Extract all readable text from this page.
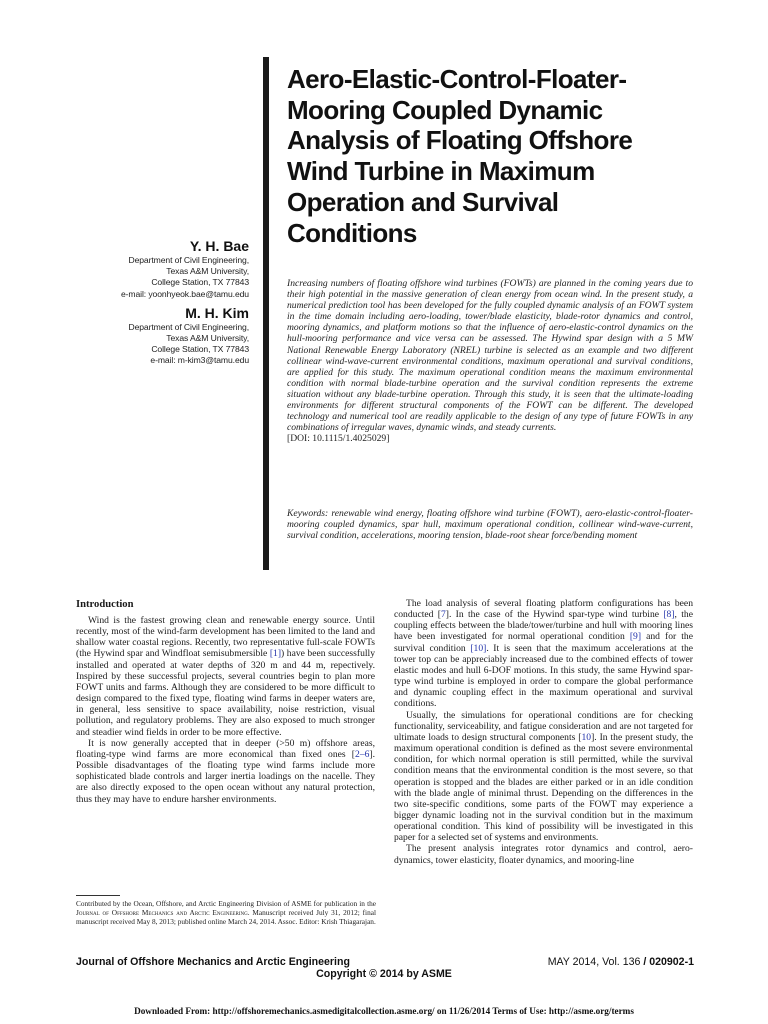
Aero-Elastic-Control-Floater-
Mooring Coupled Dynamic
Analysis of Floating Offshore
Wind Turbine in Maximum
Operation and Survival
Conditions
Y. H. Bae
Department of Civil Engineering,
Texas A&M University,
College Station, TX 77843
e-mail: yoonhyeok.bae@tamu.edu
M. H. Kim
Department of Civil Engineering,
Texas A&M University,
College Station, TX 77843
e-mail: m-kim3@tamu.edu
Increasing numbers of floating offshore wind turbines (FOWTs) are planned in the coming years due to their high potential in the massive generation of clean energy from ocean wind. In the present study, a numerical prediction tool has been developed for the fully coupled dynamic analysis of an FOWT system in the time domain including aero-loading, tower/blade elasticity, blade-rotor dynamics and control, mooring dynamics, and platform motions so that the influence of aero-elastic-control dynamics on the hull-mooring performance and vice versa can be assessed. The Hywind spar design with a 5 MW National Renewable Energy Laboratory (NREL) turbine is selected as an example and two different collinear wind-wave-current environmental conditions, maximum operational and survival conditions, are applied for this study. The maximum operational condition means the maximum environmental condition with normal blade-turbine operation and the survival condition represents the extreme situation without any blade-turbine operation. Through this study, it is seen that the ultimate-loading environments for different structural components of the FOWT can be different. The developed technology and numerical tool are readily applicable to the design of any type of future FOWTs in any combinations of irregular waves, dynamic winds, and steady currents.
[DOI: 10.1115/1.4025029]
Keywords: renewable wind energy, floating offshore wind turbine (FOWT), aero-elastic-control-floater-mooring coupled dynamics, spar hull, maximum operational condition, collinear wind-wave-current, survival condition, accelerations, mooring tension, blade-root shear force/bending moment
Introduction

Wind is the fastest growing clean and renewable energy source. Until recently, most of the wind-farm development has been limited to the land and shallow water coastal regions. Recently, two representative full-scale FOWTs (the Hywind spar and Windfloat semisubmersible [1]) have been successfully installed and operated at water depths of 320 m and 44 m, repectively. Inspired by these successful projects, several countries begin to plan more FOWT units and farms. Although they are considered to be more difficult to design compared to the fixed type, floating wind farms in deeper waters are, in general, less sensitive to space availability, noise restriction, visual pollution, and regulatory problems. They are also exposed to much stronger and steadier wind fields in order to be more effective.

It is now generally accepted that in deeper (>50 m) offshore areas, floating-type wind farms are more economical than fixed ones [2–6]. Possible disadvantages of the floating type wind farms include more sophisticated blade controls and larger inertia loadings on the nacelle. They are also directly exposed to the open ocean without any natural protection, thus they may have to endure harsher environments.

Contributed by the Ocean, Offshore, and Arctic Engineering Division of ASME for publication in the Journal of Offshore Mechanics and Arctic Engineering. Manuscript received July 31, 2012; final manuscript received May 8, 2013; published online March 24, 2014. Assoc. Editor: Krish Thiagarajan.

The load analysis of several floating platform configurations has been conducted [7]. In the case of the Hywind spar-type wind turbine [8], the coupling effects between the blade/tower/turbine and hull with mooring lines have been investigated for normal operational condition [9] and for the survival condition [10]. It is seen that the maximum accelerations at the tower top can be appreciably increased due to the combined effects of tower elastic modes and hull 6-DOF motions. In this study, the same Hywind spar-type wind turbine is employed in order to compare the global performance and dynamic coupling effect in the maximum operational and survival conditions.

Usually, the simulations for operational conditions are for checking functionality, serviceability, and fatigue consideration and are not targeted for ultimate loads to design structural components [10]. In the present study, the maximum operational condition is defined as the most severe environmental condition, for which normal operation is still permitted, while the survival condition means that the environmental condition is the most severe, so that operation is stopped and the blades are either parked or in an idle condition with the blade angle of minimal thrust. Depending on the differences in the two site-specific conditions, some parts of the FOWT may experience a bigger dynamic loading not in the survival condition but in the maximum operational condition. This kind of possibility will be investigated in this paper for a selected set of systems and environments.

The present analysis integrates rotor dynamics and control, aero-dynamics, tower elasticity, floater dynamics, and mooring-line

Journal of Offshore Mechanics and Arctic Engineering	MAY 2014, Vol. 136 / 020902-1
Copyright © 2014 by ASME
Downloaded From: http://offshoremechanics.asmedigitalcollection.asme.org/ on 11/26/2014 Terms of Use: http://asme.org/terms
